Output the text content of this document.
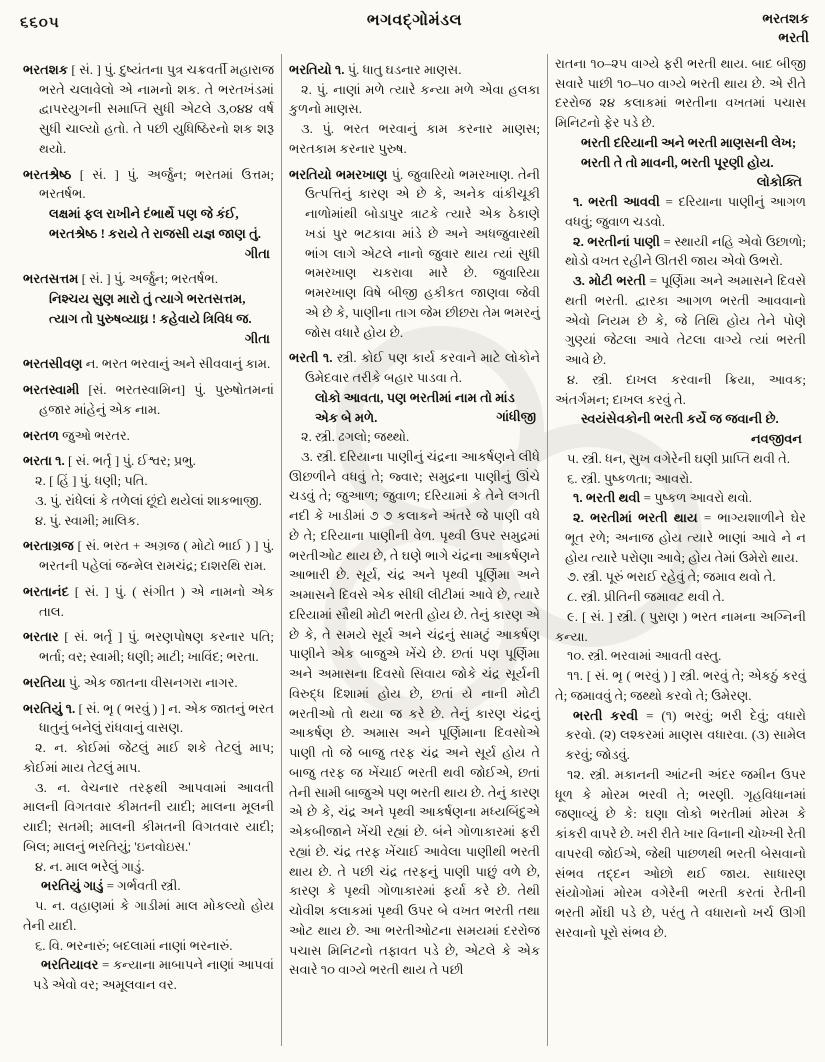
૬૬૦૫	ભગવદ્ગોમંડલ	ભરતશક
ભરતી

ભરતશક [ સં. ] પું. દુષ્યંતના પુત્ર ચક્રવર્તી મહારાજ ભરતે ચલાવેલો એ નામનો શક. તે ભરતખંડમાં દ્વાપરયુગની સમાપ્તિ સુધી એટલે ૩,૦૪૪ વર્ષ સુધી ચાલ્યો હતો. તે પછી યુધિષ્ઠિરનો શક શરૂ થયો.

ભરતશ્રેષ્ઠ [ સં. ] પું. અર્જુન; ભરતમાં ઉત્તમ; ભરતર્ષભ.

લક્ષમાં ફલ રાખીને દંભાર્થે પણ જે કંઈ,

ભરતશ્રેષ્ઠ ! કરાયે તે રાજસી યજ્ઞ જાણ તું.

ગીતા

ભરતસત્તમ [ સં. ] પું. અર્જુન; ભરતર્ષભ.

નિશ્ચય સુણ મારો તું ત્યાગે ભરતસત્તમ,

ત્યાગ તો પુરુષવ્યાઘ્ર ! કહેવાયે ત્રિવિધ જ.

ગીતા

ભરતસીવણ ન. ભરત ભરવાનું અને સીવવાનું કામ.

ભરતસ્વામી [સં. ભરતસ્વામિન] પું. પુરુષોતમનાં હજાર માંહેનું એક નામ.

ભરતળ જુઓ ભરતર.

ભરતા ૧. [ સં. ભર્તૃ ] પું. ઈશ્વર; પ્રભુ.

૨. [ હિં ] પું. ધણી; પતિ.

૩. પું. રાંધેલાં કે તળેલાં છૂંદો થયેલાં શાકભાજી.

૪. પું. સ્વામી; માલિક.

ભરતાગ્રજ [ સં. ભરત + અગ્રજ ( મોટો ભાઈ ) ] પું. ભરતની પહેલાં જન્મેલ રામચંદ્ર; દાશરથિ રામ.

ભરતાનંદ [ સં. ] પું. ( સંગીત ) એ નામનો એક તાલ.

ભરતાર [ સં. ભર્તૃ ] પું. ભરણપોષણ કરનાર પતિ; ભર્તા; વર; સ્વામી; ધણી; માટી; ખાવિંદ; ભરતા.

ભરતિયા પું. એક જાતના વીસનગરા નાગર.

ભરતિયું ૧. [ સં. ભૃ ( ભરવું ) ] ન. એક જાતનું ભરત ધાતુનું બનેલું રાંધવાનું વાસણ.

૨. ન. કોઈમાં જેટલું માઈ શકે તેટલું માપ; કોઈમાં માય તેટલું માપ.

૩. ન. વેચનાર તરફથી આપવામાં આવતી માલની વિગતવાર કીમતની યાદી; માલના મૂલની યાદી; સતમી; માલની કીમતની વિગતવાર યાદી; બિલ; માલનું ભરતિયું; 'ઇનવોઇસ.'

૪. ન. માલ ભરેલું ગાડું.

ભરતિયું ગાડું = ગર્ભવતી સ્ત્રી.

૫. ન. વહાણમાં કે ગાડીમાં માલ મોકલ્યો હોય તેની યાદી.

૬. વિ. ભરનારું; બદલામાં નાણાં ભરનારું.

ભરતિયાવર = કન્યાના માબાપને નાણાં આપવાં પડે એવો વર; અમૂલવાન વર.

ભરતિયો ૧. પું. ધાતુ ઘડનાર માણસ.

૨. પું. નાણાં મળે ત્યારે કન્યા મળે એવા હલકા કુળનો માણસ.

૩. પું. ભરત ભરવાનું કામ કરનાર માણસ; ભરતકામ કરનાર પુરુષ.

ભરતિયો ભમરખાણ પું. જુવારિયો ભમરખાણ. તેની ઉત્પત્તિનું કારણ એ છે કે, અનેક વાંકીચૂકી નાળોમાંથી બોડાપુર ત્રાટકે ત્યારે એક ઠેકાણે ખડાં પુર ભટકાવા માંડે છે અને અધજુવારથી ભાંગ લાગે એટલે નાનો જુવાર થાય ત્યાં સુધી ભમરખાણ ચકરાવા મારે છે. જુવારિયા ભમરખાણ વિષે બીજી હકીકત જાણવા જેવી એ છે કે, પાણીના તાગ જેમ છીછરા તેમ ભમરનું જોસ વધારે હોય છે.

ભરતી ૧. સ્ત્રી. કોઈ પણ કાર્ય કરવાને માટે લોકોને ઉમેદવાર તરીકે બહાર પાડવા તે.

લોકો આવતા, પણ ભરતીમાં નામ તો માંડ એક બે મળે.	ગાંધીજી

૨. સ્ત્રી. ઢગલો; જથ્થો.

૩. સ્ત્રી. દરિયાના પાણીનું ચંદ્રના આકર્ષણને લીધે ઊછળીને વધવું તે; જ્વાર; સમુદ્રના પાણીનું ઊંચે ચડવું તે; જુઆળ; જુવાળ; દરિયામાં કે તેને લગતી નદી કે ખાડીમાં ૭ ૭ કલાકને અંતરે જે પાણી વધે છે તે; દરિયાના પાણીની વેળ. પૃથ્વી ઉપર સમુદ્રમાં ભરતીઓટ થાય છે, તે ઘણે ભાગે ચંદ્રના આકર્ષણને આભારી છે. સૂર્ય, ચંદ્ર અને પૃથ્વી પૂર્ણિમા અને અમાસને દિવસે એક સીધી લીટીમાં આવે છે, ત્યારે દરિયામાં સૌથી મોટી ભરતી હોય છે. તેનું કારણ એ છે કે, તે સમયે સૂર્ય અને ચંદ્રનું સામટું આકર્ષણ પાણીને એક બાજુએ ખેંચે છે. છતાં પણ પૂર્ણિમા અને અમાસના દિવસો સિવાય જોકે ચંદ્ર સૂર્યની વિરુદ્ધ દિશામાં હોય છે, છતાં યે નાની મોટી ભરતીઓ તો થયા જ કરે છે. તેનું કારણ ચંદ્રનું આકર્ષણ છે. અમાસ અને પૂર્ણિમાના દિવસોએ પાણી તો જે બાજુ તરફ ચંદ્ર અને સૂર્ય હોય તે બાજુ તરફ જ ખેંચાઈ ભરતી થવી જોઈએ, છતાં તેની સામી બાજુએ પણ ભરતી થાય છે. તેનું કારણ એ છે કે, ચંદ્ર અને પૃથ્વી આકર્ષણના મધ્યબિંદુએ એકબીજાને ખેંચી રહ્યાં છે. બંને ગોળાકારમાં ફરી રહ્યાં છે. ચંદ્ર તરફ ખેંચાઈ આવેલા પાણીથી ભરતી થાય છે. તે પછી ચંદ્ર તરફનું પાણી પાછું વળે છે, કારણ કે પૃથ્વી ગોળાકારમાં ફર્યા કરે છે. તેથી ચોવીશ કલાકમાં પૃથ્વી ઉપર બે વખત ભરતી તથા ઓટ થાય છે. આ ભરતીઓટના સમયમાં દરરોજ પચાસ મિનિટનો તફાવત પડે છે, એટલે કે એક સવારે ૧૦ વાગ્યે ભરતી થાય તે પછી

રાતના ૧૦–૨૫ વાગ્યે ફરી ભરતી થાય. બાદ બીજી સવારે પાછી ૧૦–૫૦ વાગ્યે ભરતી થાય છે. એ રીતે દરરોજ ૨૪ કલાકમાં ભરતીના વખતમાં પચાસ મિનિટનો ફેર પડે છે.

ભરતી દરિયાની અને ભરતી માણસની લેખ;

ભરતી તે તો માવની, ભરતી પૂરણી હોય.

લોકોક્તિ

૧. ભરતી આવવી = દરિયાના પાણીનું આગળ વધવું; જુવાળ ચડવો.

૨. ભરતીનાં પાણી = સ્થાયી નહિ એવો ઉછાળો; થોડો વખત રહીને ઊતરી જાય એવો ઉભરો.

૩. મોટી ભરતી = પૂર્ણિમા અને અમાસને દિવસે થતી ભરતી. દ્વારકા આગળ ભરતી આવવાનો એવો નિયમ છે કે, જે તિથિ હોય તેને પોણે ગુણ્યાં જેટલા આવે તેટલા વાગ્યે ત્યાં ભરતી આવે છે.

૪. સ્ત્રી. દાખલ કરવાની ક્રિયા, આવક; અંતર્ગમન; દાખલ કરવું તે.

સ્વયંસેવકોની ભરતી કર્યે જ જવાની છે.

નવજીવન

૫. સ્ત્રી. ધન, સુખ વગેરેની ઘણી પ્રાપ્તિ થવી તે.

૬. સ્ત્રી. પુષ્કળતા; આવરો.

૧. ભરતી થવી = પુષ્કળ આવરો થવો.

૨. ભરતીમાં ભરતી થાય = ભાગ્યશાળીને ઘેર ભૂત રળે; અનાજ હોય ત્યારે ભાણાં આવે ને ન હોય ત્યારે પરોણા આવે; હોય તેમાં ઉમેરો થાય.

૭. સ્ત્રી. પૂરું ભરાઈ રહેવું તે; જમાવ થવો તે.

૮. સ્ત્રી. પ્રીતિની જમાવટ થવી તે.

૯. [ સં. ] સ્ત્રી. ( પુરાણ ) ભરત નામના અગ્નિની કન્યા.

૧૦. સ્ત્રી. ભરવામાં આવતી વસ્તુ.

૧૧. [ સં. ભૃ ( ભરવું ) ] સ્ત્રી. ભરવું તે; એકઠું કરવું તે; જમાવવું તે; જથ્થો કરવો તે; ઉમેરણ.

ભરતી કરવી = (૧) ભરવું; ભરી દેવું; વધારો કરવો. (૨) લશ્કરમાં માણસ વધારવા. (૩) સામેલ કરવું; જોડવું.

૧૨. સ્ત્રી. મકાનની આંટની અંદર જમીન ઉપર ધૂળ કે મોરમ ભરવી તે; ભરણી. ગૃહવિધાનમાં જણાવ્યું છે કે: ઘણા લોકો ભરતીમાં મોરમ કે કાંકરી વાપરે છે. ખરી રીતે ખાર વિનાની ચોખ્ખી રેતી વાપરવી જોઈએ, જેથી પાછળથી ભરતી બેસવાનો સંભવ તદ્દન ઓછો થઈ જાય. સાધારણ સંયોગોમાં મોરમ વગેરેની ભરતી કરતાં રેતીની ભરતી મોંઘી પડે છે, પરંતુ તે વધારાનો ખર્ચ ઊગી સરવાનો પૂરો સંભવ છે.
